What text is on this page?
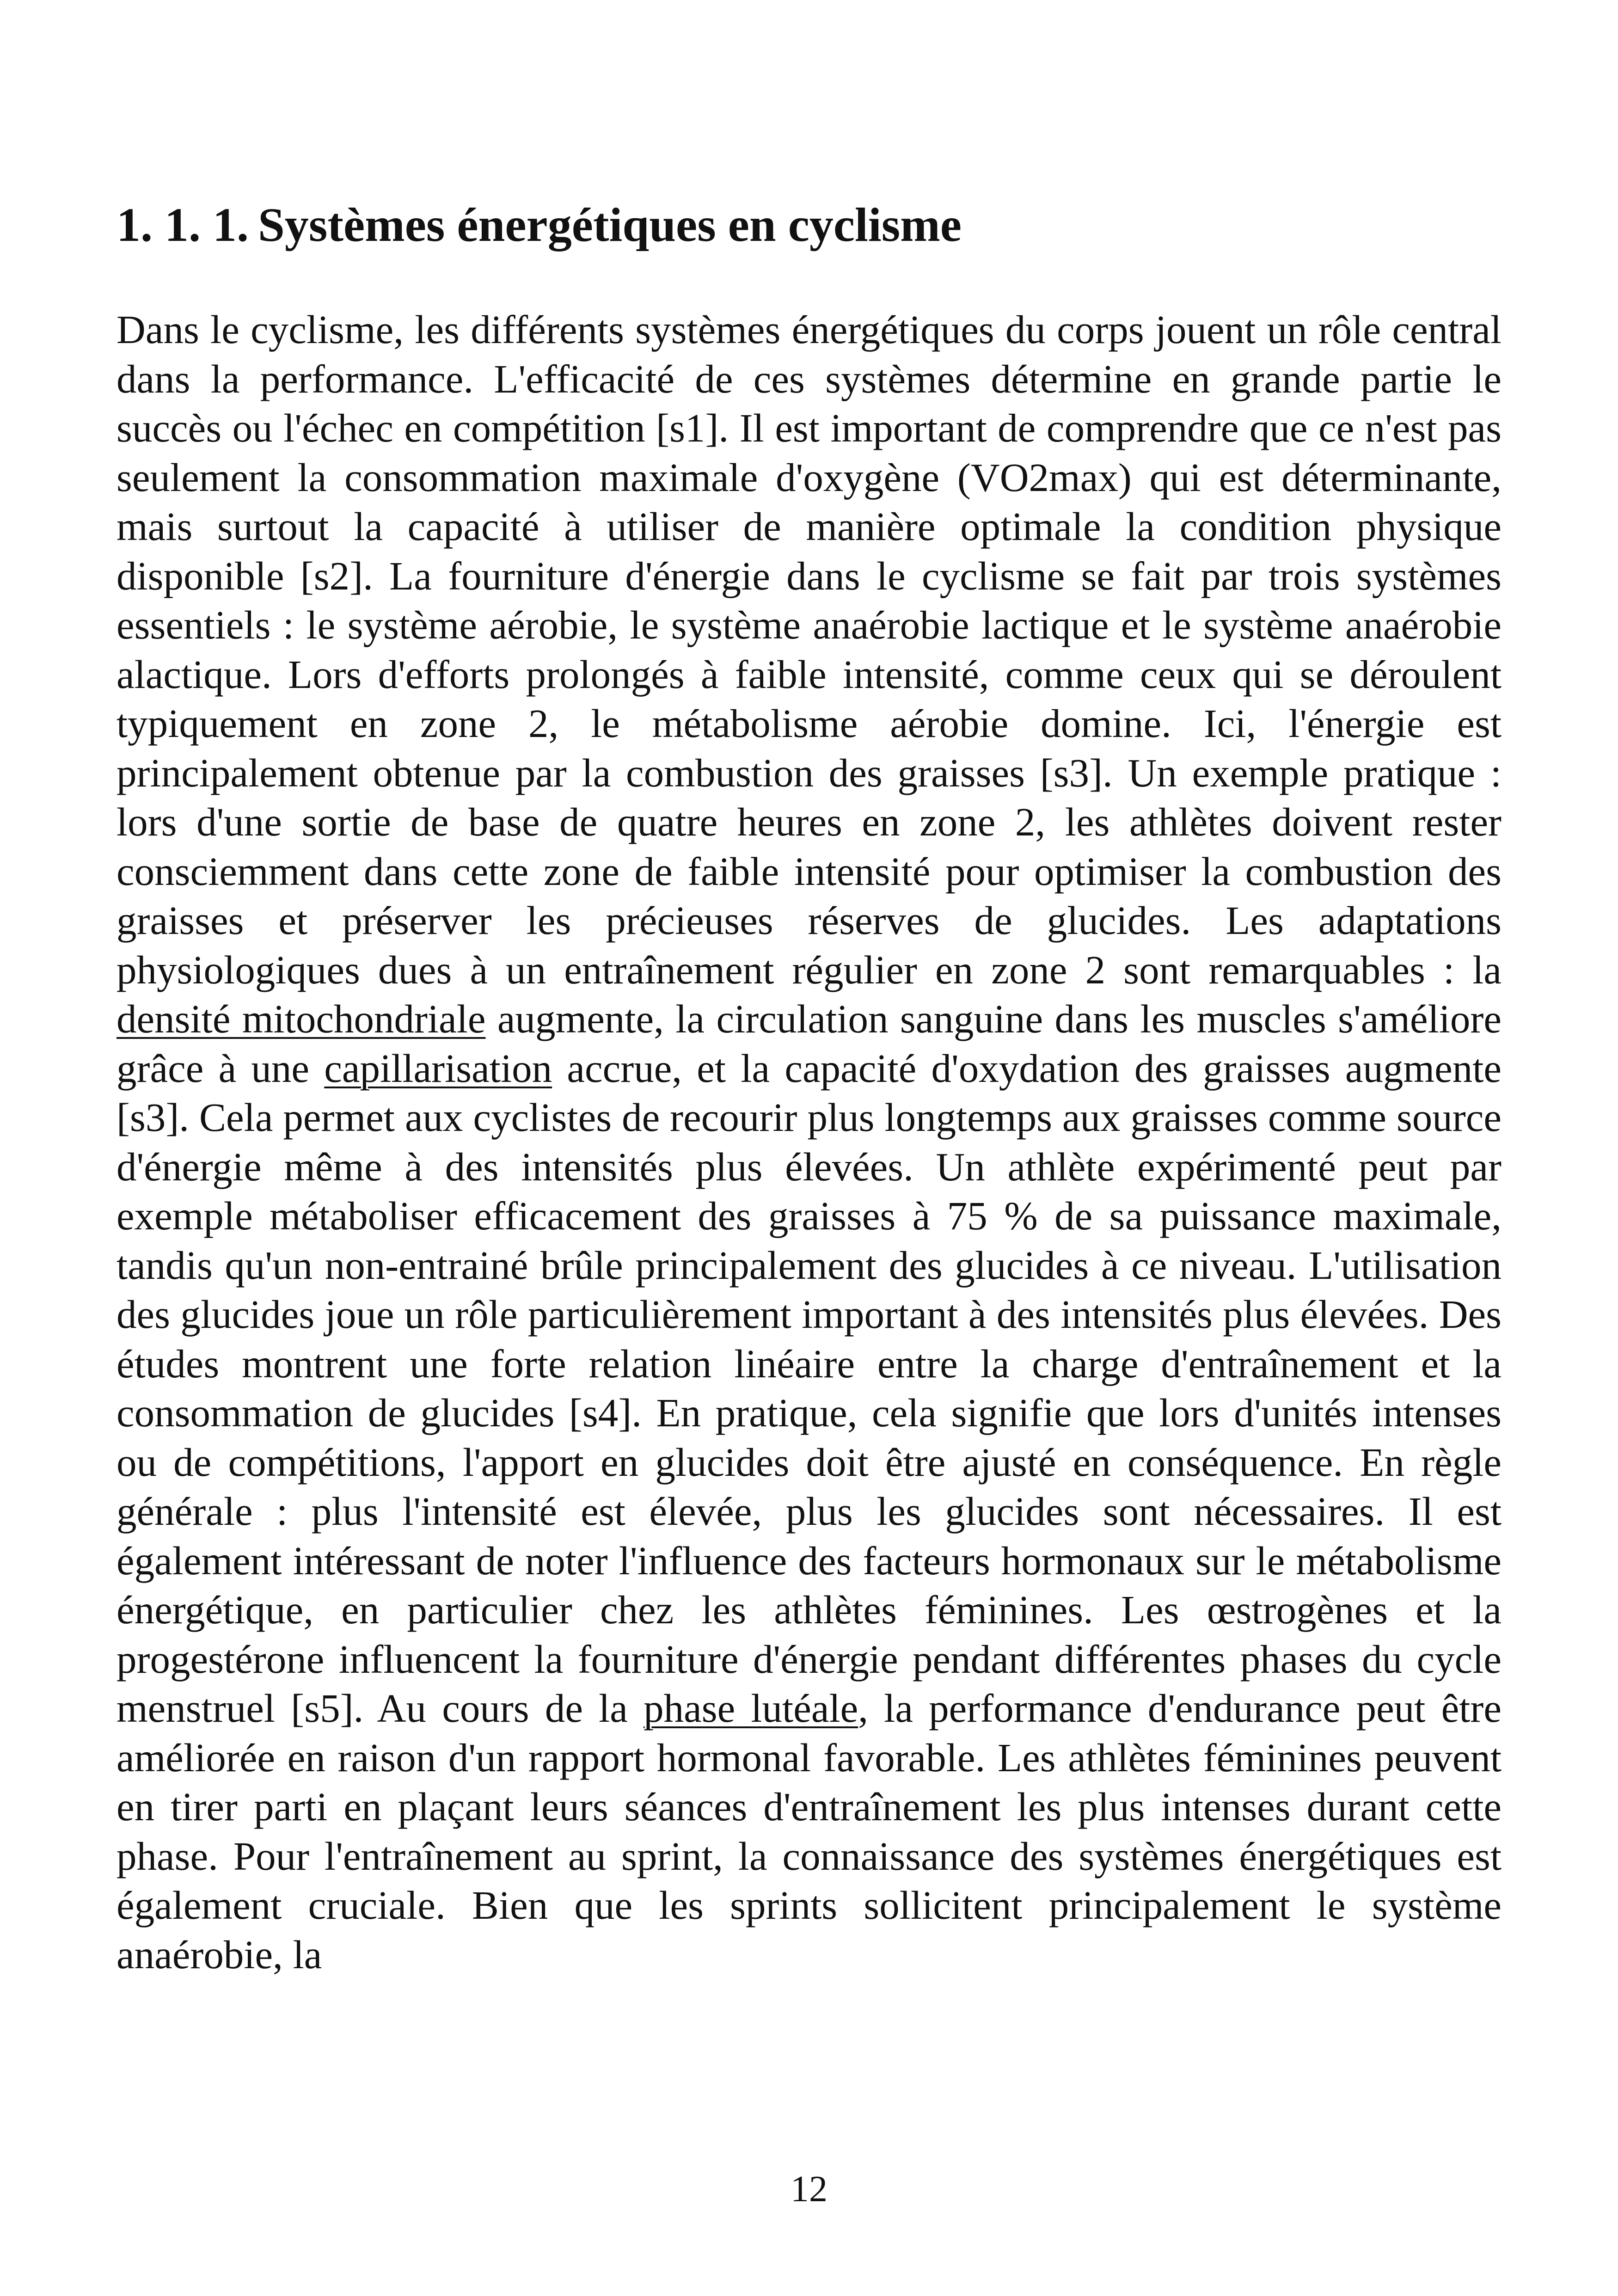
1. 1. 1. Systèmes énergétiques en cyclisme

Dans le cyclisme, les différents systèmes énergétiques du corps jouent un rôle central dans la performance. L'efficacité de ces systèmes détermine en grande partie le succès ou l'échec en compétition [s1]. Il est important de comprendre que ce n'est pas seulement la consommation maximale d'oxygène (VO2max) qui est déterminante, mais surtout la capacité à utiliser de manière optimale la condition physique disponible [s2]. La fourniture d'énergie dans le cyclisme se fait par trois systèmes essentiels : le système aérobie, le système anaérobie lactique et le système anaérobie alactique. Lors d'efforts prolongés à faible intensité, comme ceux qui se déroulent typiquement en zone 2, le métabolisme aérobie domine. Ici, l'énergie est principalement obtenue par la combustion des graisses [s3]. Un exemple pratique : lors d'une sortie de base de quatre heures en zone 2, les athlètes doivent rester consciemment dans cette zone de faible intensité pour optimiser la combustion des graisses et préserver les précieuses réserves de glucides. Les adaptations physiologiques dues à un entraînement régulier en zone 2 sont remarquables : la densité mitochondriale augmente, la circulation sanguine dans les muscles s'améliore grâce à une capillarisation accrue, et la capacité d'oxydation des graisses augmente [s3]. Cela permet aux cyclistes de recourir plus longtemps aux graisses comme source d'énergie même à des intensités plus élevées. Un athlète expérimenté peut par exemple métaboliser efficacement des graisses à 75 % de sa puissance maximale, tandis qu'un non-entrainé brûle principalement des glucides à ce niveau. L'utilisation des glucides joue un rôle particulièrement important à des intensités plus élevées. Des études montrent une forte relation linéaire entre la charge d'entraînement et la consommation de glucides [s4]. En pratique, cela signifie que lors d'unités intenses ou de compétitions, l'apport en glucides doit être ajusté en conséquence. En règle générale : plus l'intensité est élevée, plus les glucides sont nécessaires. Il est également intéressant de noter l'influence des facteurs hormonaux sur le métabolisme énergétique, en particulier chez les athlètes féminines. Les œstrogènes et la progestérone influencent la fourniture d'énergie pendant différentes phases du cycle menstruel [s5]. Au cours de la phase lutéale, la performance d'endurance peut être améliorée en raison d'un rapport hormonal favorable. Les athlètes féminines peuvent en tirer parti en plaçant leurs séances d'entraînement les plus intenses durant cette phase. Pour l'entraînement au sprint, la connaissance des systèmes énergétiques est également cruciale. Bien que les sprints sollicitent principalement le système anaérobie, la

12
